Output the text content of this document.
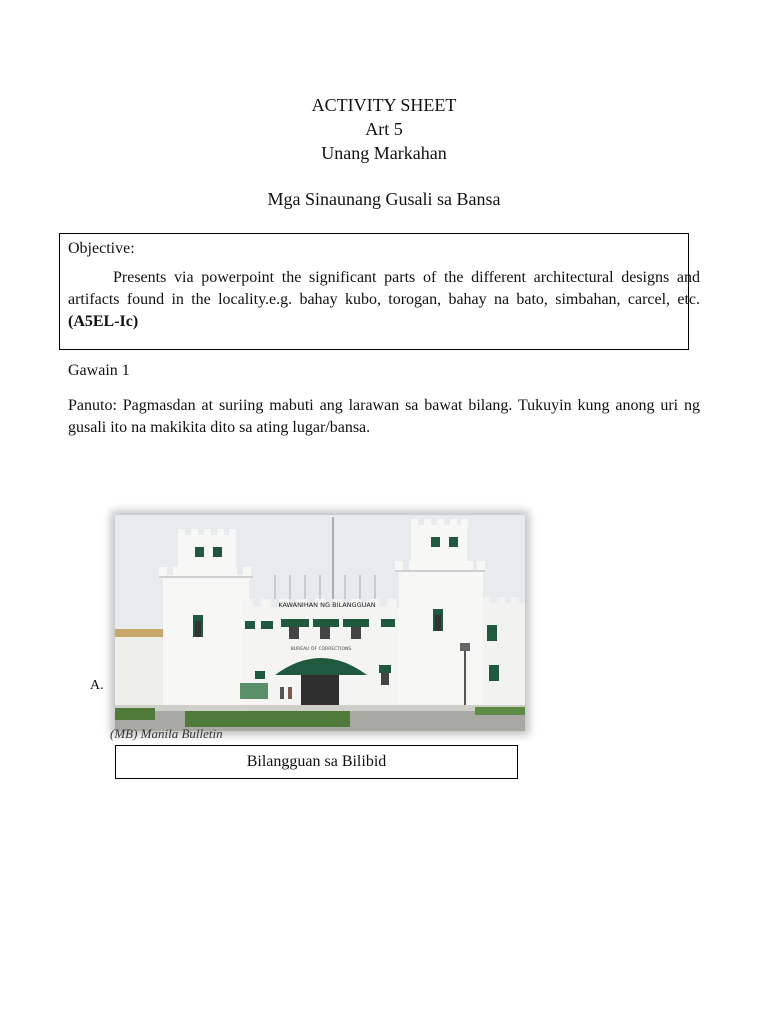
ACTIVITY SHEET
Art 5
Unang Markahan
Mga Sinaunang Gusali sa Bansa
Objective:
Presents via powerpoint the significant parts of the different architectural designs and artifacts found in the locality.e.g. bahay kubo, torogan, bahay na bato, simbahan, carcel, etc. (A5EL-Ic)
Gawain 1
Panuto: Pagmasdan at suriing mabuti ang larawan sa bawat bilang. Tukuyin kung anong uri ng gusali ito na makikita dito sa ating lugar/bansa.
A.
KAWANIHAN NG BILANGGUAN
BUREAU OF CORRECTIONS
(MB) Manila Bulletin
Bilangguan sa Bilibid
